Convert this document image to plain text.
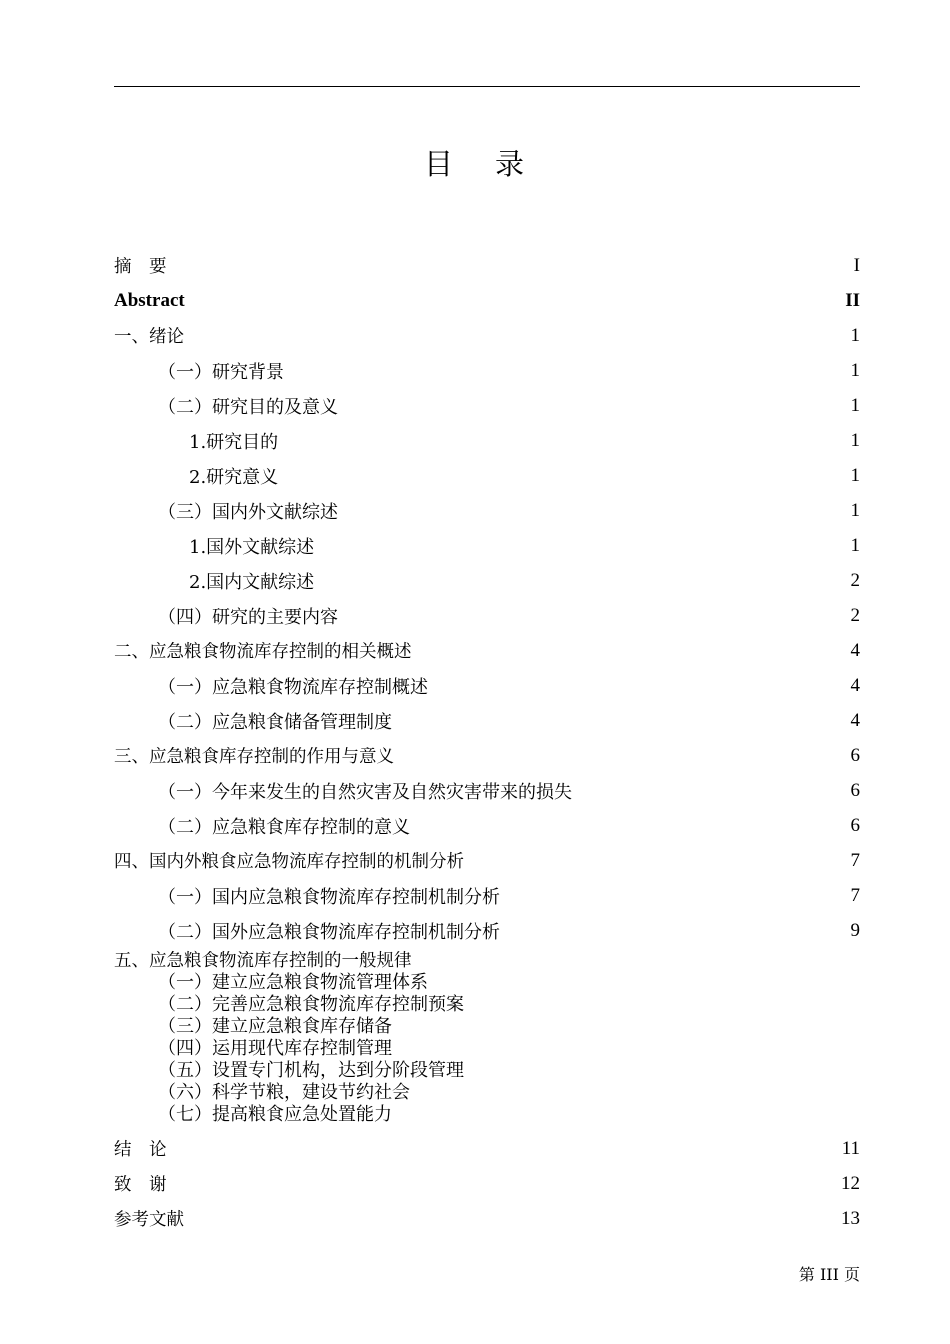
目 录
摘　要	I
Abstract	II
一、绪论	1
（一）研究背景	1
（二）研究目的及意义	1
1.研究目的	1
2.研究意义	1
（三）国内外文献综述	1
1.国外文献综述	1
2.国内文献综述	2
（四）研究的主要内容	2
二、应急粮食物流库存控制的相关概述	4
（一）应急粮食物流库存控制概述	4
（二）应急粮食储备管理制度	4
三、应急粮食库存控制的作用与意义	6
（一）今年来发生的自然灾害及自然灾害带来的损失	6
（二）应急粮食库存控制的意义	6
四、国内外粮食应急物流库存控制的机制分析	7
（一）国内应急粮食物流库存控制机制分析	7
（二）国外应急粮食物流库存控制机制分析	9
五、应急粮食物流库存控制的一般规律
（一）建立应急粮食物流管理体系
（二）完善应急粮食物流库存控制预案
（三）建立应急粮食库存储备
（四）运用现代库存控制管理
（五）设置专门机构，达到分阶段管理
（六）科学节粮，建设节约社会
（七）提高粮食应急处置能力
结　论	11
致　谢	12
参考文献	13
第 III 页
